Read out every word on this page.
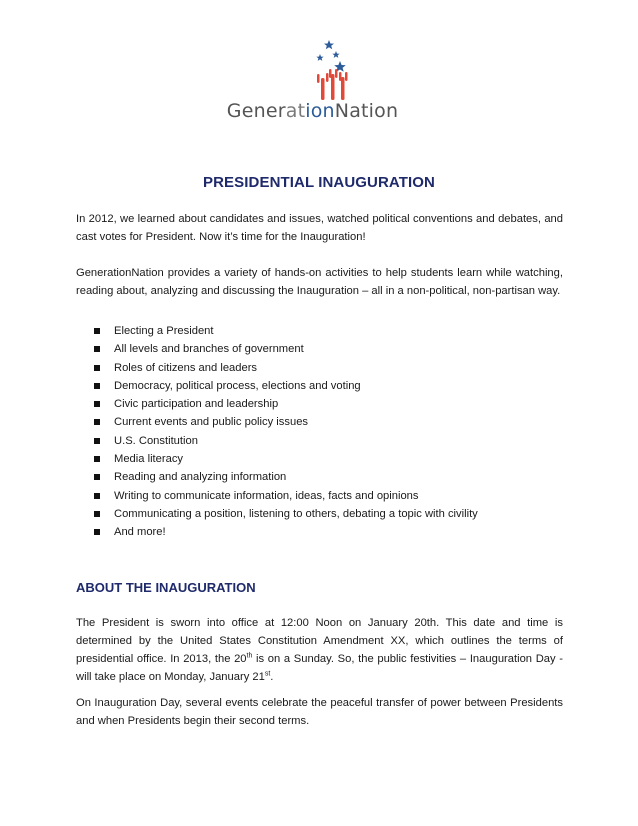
GenerationNation
PRESIDENTIAL INAUGURATION

In 2012, we learned about candidates and issues, watched political conventions and debates, and cast votes for President. Now it’s time for the Inauguration!

GenerationNation provides a variety of hands-on activities to help students learn while watching, reading about, analyzing and discussing the Inauguration – all in a non-political, non-partisan way.

Electing a President
All levels and branches of government
Roles of citizens and leaders
Democracy, political process, elections and voting
Civic participation and leadership
Current events and public policy issues
U.S. Constitution
Media literacy
Reading and analyzing information
Writing to communicate information, ideas, facts and opinions
Communicating a position, listening to others, debating a topic with civility
And more!
ABOUT THE INAUGURATION

The President is sworn into office at 12:00 Noon on January 20th. This date and time is determined by the United States Constitution Amendment XX, which outlines the terms of presidential office. In 2013, the 20th is on a Sunday. So, the public festivities – Inauguration Day - will take place on Monday, January 21st.

On Inauguration Day, several events celebrate the peaceful transfer of power between Presidents and when Presidents begin their second terms.
